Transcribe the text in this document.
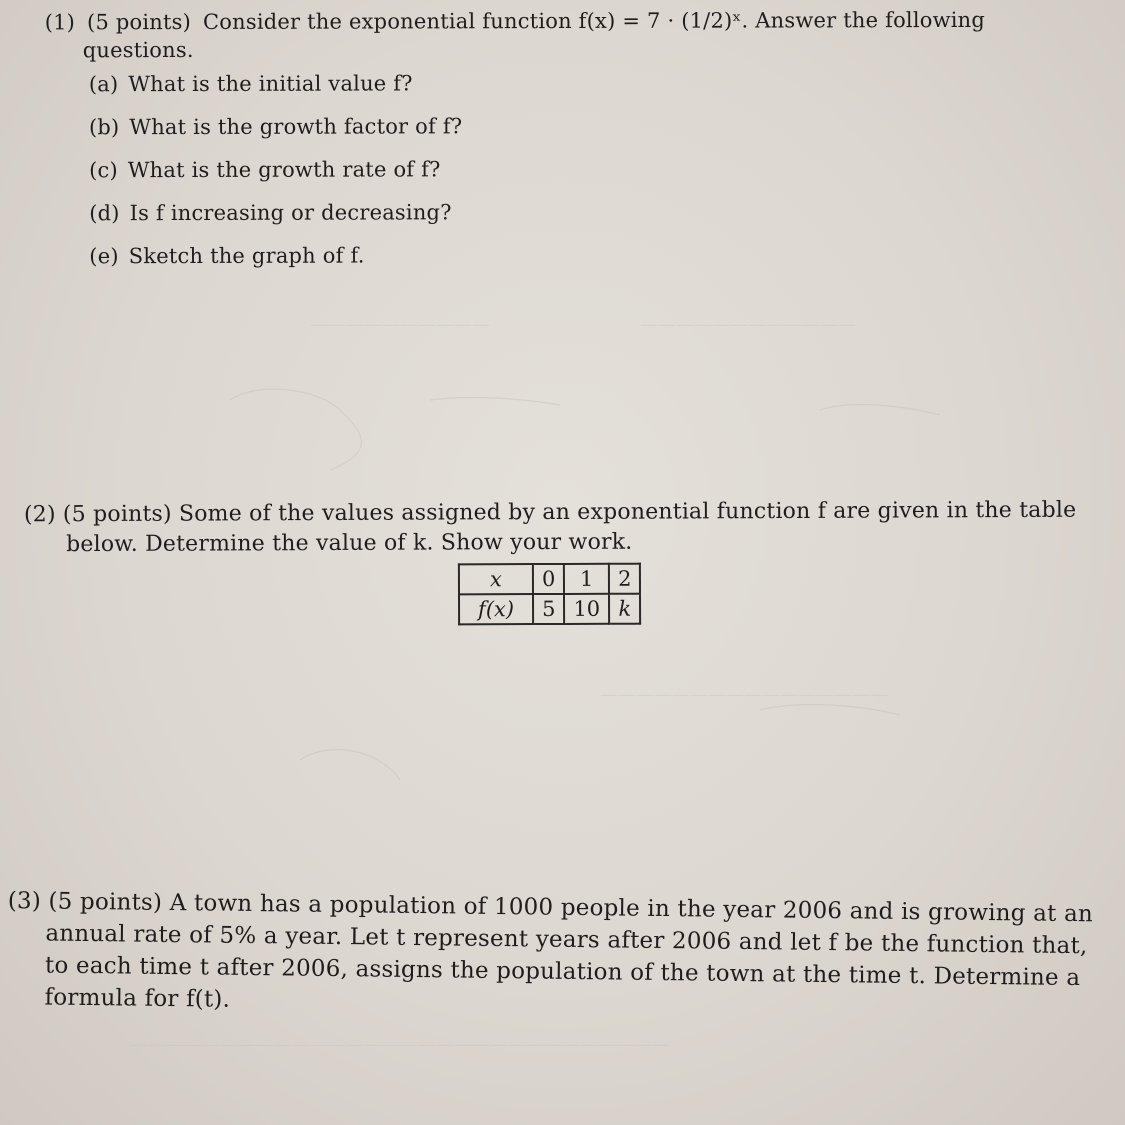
——————————	————————————
————————————————
——————————————————————————————
(1) (5 points) Consider the exponential function f(x) = 7 · (1/2)ˣ. Answer the following
questions.
(a) What is the initial value f?
(b) What is the growth factor of f?
(c) What is the growth rate of f?
(d) Is f increasing or decreasing?
(e) Sketch the graph of f.
(2) (5 points) Some of the values assigned by an exponential function f are given in the table
below. Determine the value of k. Show your work.
x	0	1	2
f(x)	5	10	k
(3) (5 points) A town has a population of 1000 people in the year 2006 and is growing at an
annual rate of 5% a year. Let t represent years after 2006 and let f be the function that,
to each time t after 2006, assigns the population of the town at the time t. Determine a
formula for f(t).
